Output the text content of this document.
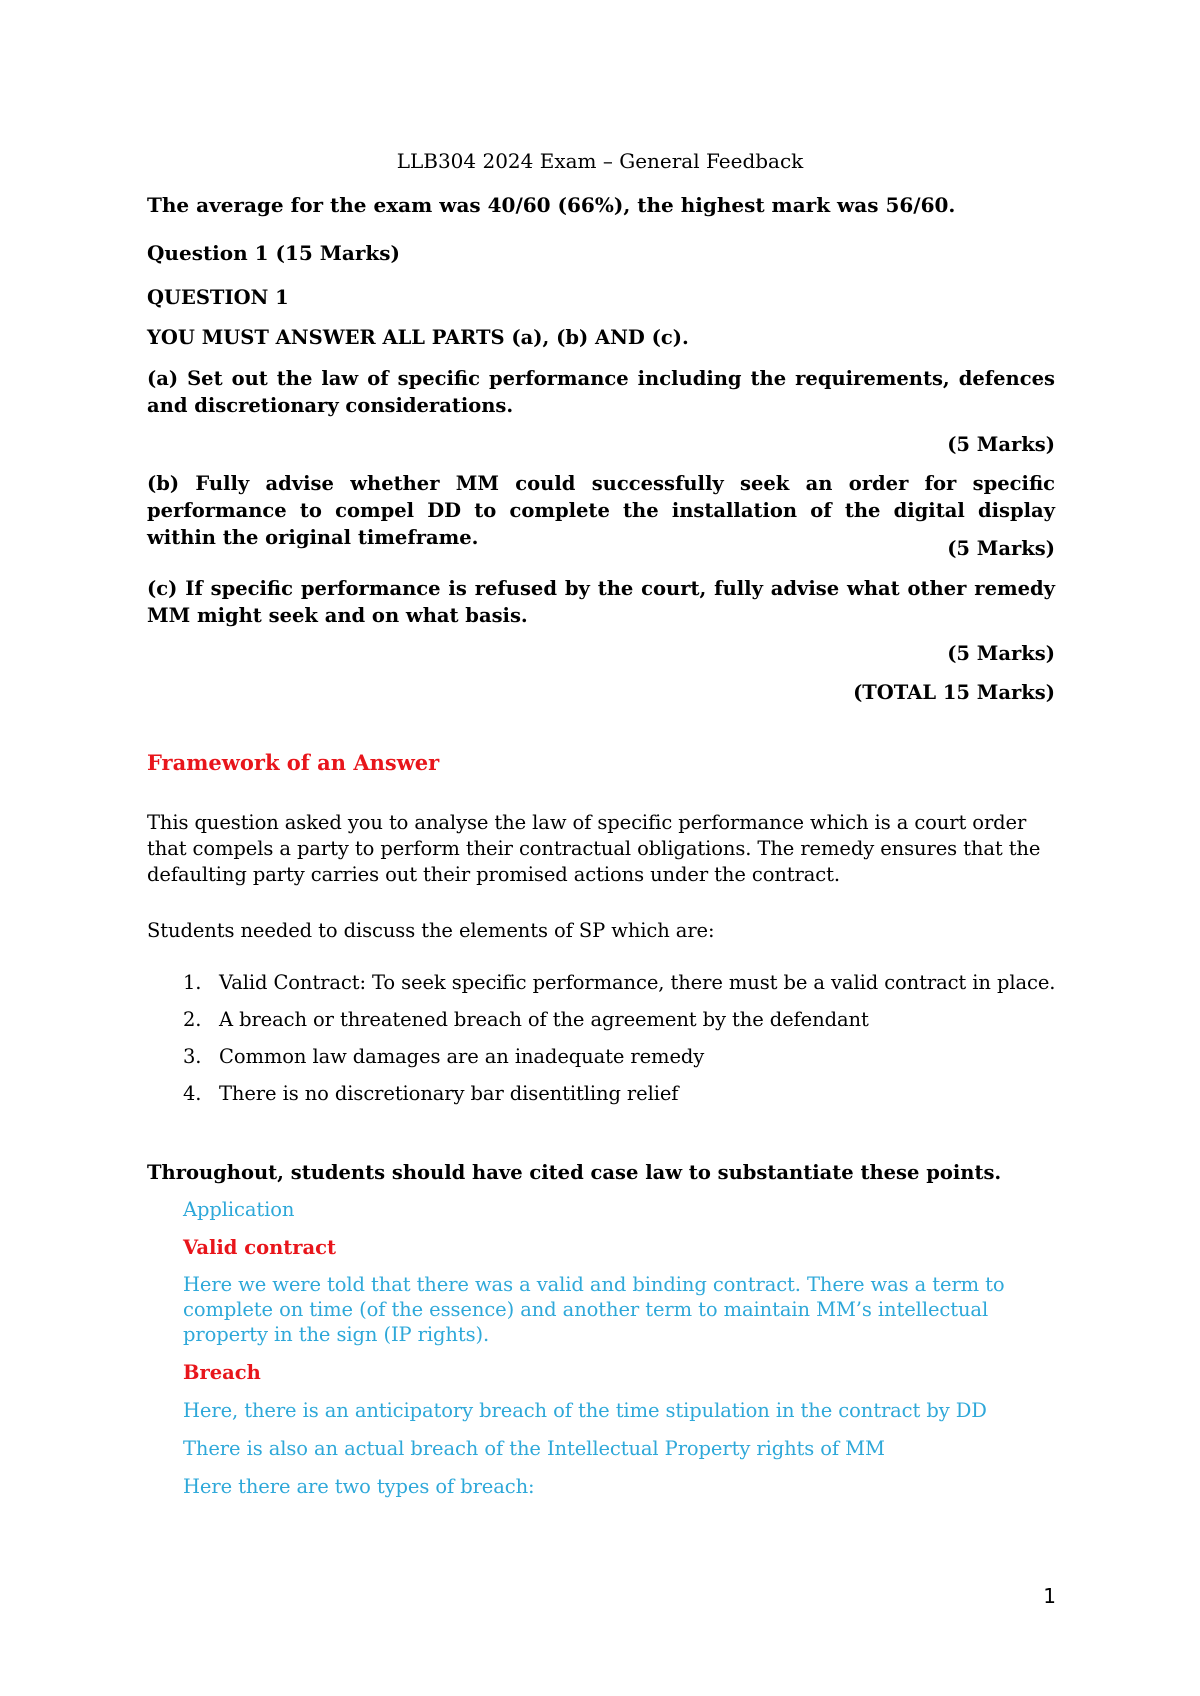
LLB304 2024 Exam – General Feedback
The average for the exam was 40/60 (66%), the highest mark was 56/60.
Question 1 (15 Marks)
QUESTION 1
YOU MUST ANSWER ALL PARTS (a), (b) AND (c).
(a) Set out the law of specific performance including the requirements, defences and discretionary considerations.
(5 Marks)
(b) Fully advise whether MM could successfully seek an order for specific performance to compel DD to complete the installation of the digital display within the original timeframe.	(5 Marks)
(c) If specific performance is refused by the court, fully advise what other remedy MM might seek and on what basis.
(5 Marks)
(TOTAL 15 Marks)
Framework of an Answer
This question asked you to analyse the law of specific performance which is a court order that compels a party to perform their contractual obligations. The remedy ensures that the defaulting party carries out their promised actions under the contract.
Students needed to discuss the elements of SP which are:
1. Valid Contract: To seek specific performance, there must be a valid contract in place.
2. A breach or threatened breach of the agreement by the defendant
3. Common law damages are an inadequate remedy
4. There is no discretionary bar disentitling relief
Throughout, students should have cited case law to substantiate these points.
Application
Valid contract
Here we were told that there was a valid and binding contract. There was a term to complete on time (of the essence) and another term to maintain MM’s intellectual property in the sign (IP rights).
Breach
Here, there is an anticipatory breach of the time stipulation in the contract by DD
There is also an actual breach of the Intellectual Property rights of MM
Here there are two types of breach:
1
